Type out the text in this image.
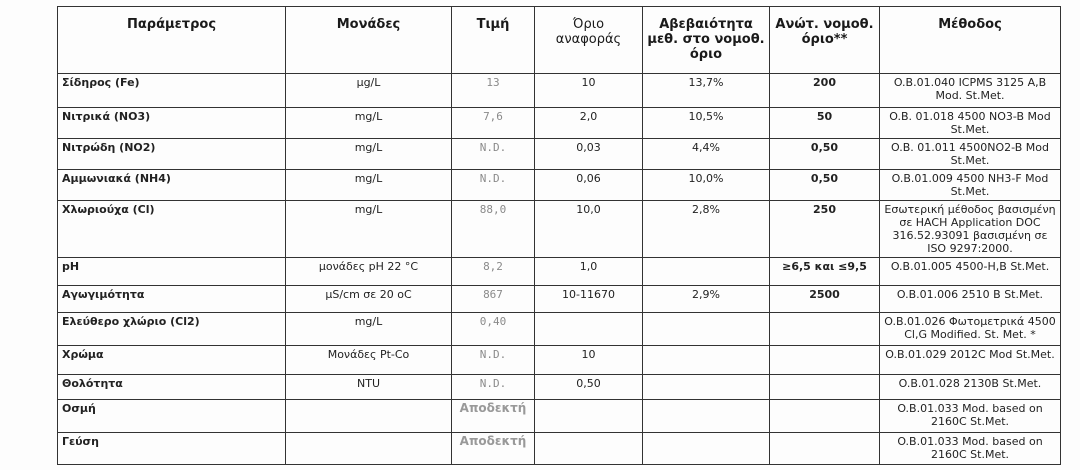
Παράμετρος	Μονάδες	Τιμή	Όριο αναφοράς	Αβεβαιότητα μεθ. στο νομοθ. όριο	Ανώτ. νομοθ. όριο**	Μέθοδος
Σίδηρος (Fe)	μg/L	13	10	13,7%	200	O.B.01.040 ICPMS 3125 A,B Mod. St.Met.
Νιτρικά (NO3)	mg/L	7,6	2,0	10,5%	50	O.B. 01.018 4500 NO3-B Mod St.Met.
Νιτρώδη (NO2)	mg/L	N.D.	0,03	4,4%	0,50	O.B. 01.011 4500NO2-B Mod St.Met.
Αμμωνιακά (NH4)	mg/L	N.D.	0,06	10,0%	0,50	O.B.01.009 4500 NH3-F Mod St.Met.
Χλωριούχα (Cl)	mg/L	88,0	10,0	2,8%	250	Εσωτερική μέθοδος βασισμένη σε HACH Application DOC 316.52.93091 βασισμένη σε ISO 9297:2000.
pH	μονάδες pH 22 °C	8,2	1,0		≥6,5 και ≤9,5	O.B.01.005 4500-H,B St.Met.
Αγωγιμότητα	μS/cm σε 20 oC	867	10-11670	2,9%	2500	O.B.01.006 2510 B St.Met.
Ελεύθερο χλώριο (Cl2)	mg/L	0,40				O.B.01.026 Φωτομετρικά 4500 Cl,G Modified. St. Met. *
Χρώμα	Μονάδες Pt-Co	N.D.	10			O.B.01.029 2012C Mod St.Met.
Θολότητα	NTU	N.D.	0,50			O.B.01.028 2130B St.Met.
Οσμή		Αποδεκτή				O.B.01.033 Mod. based on 2160C St.Met.
Γεύση		Αποδεκτή				O.B.01.033 Mod. based on 2160C St.Met.
